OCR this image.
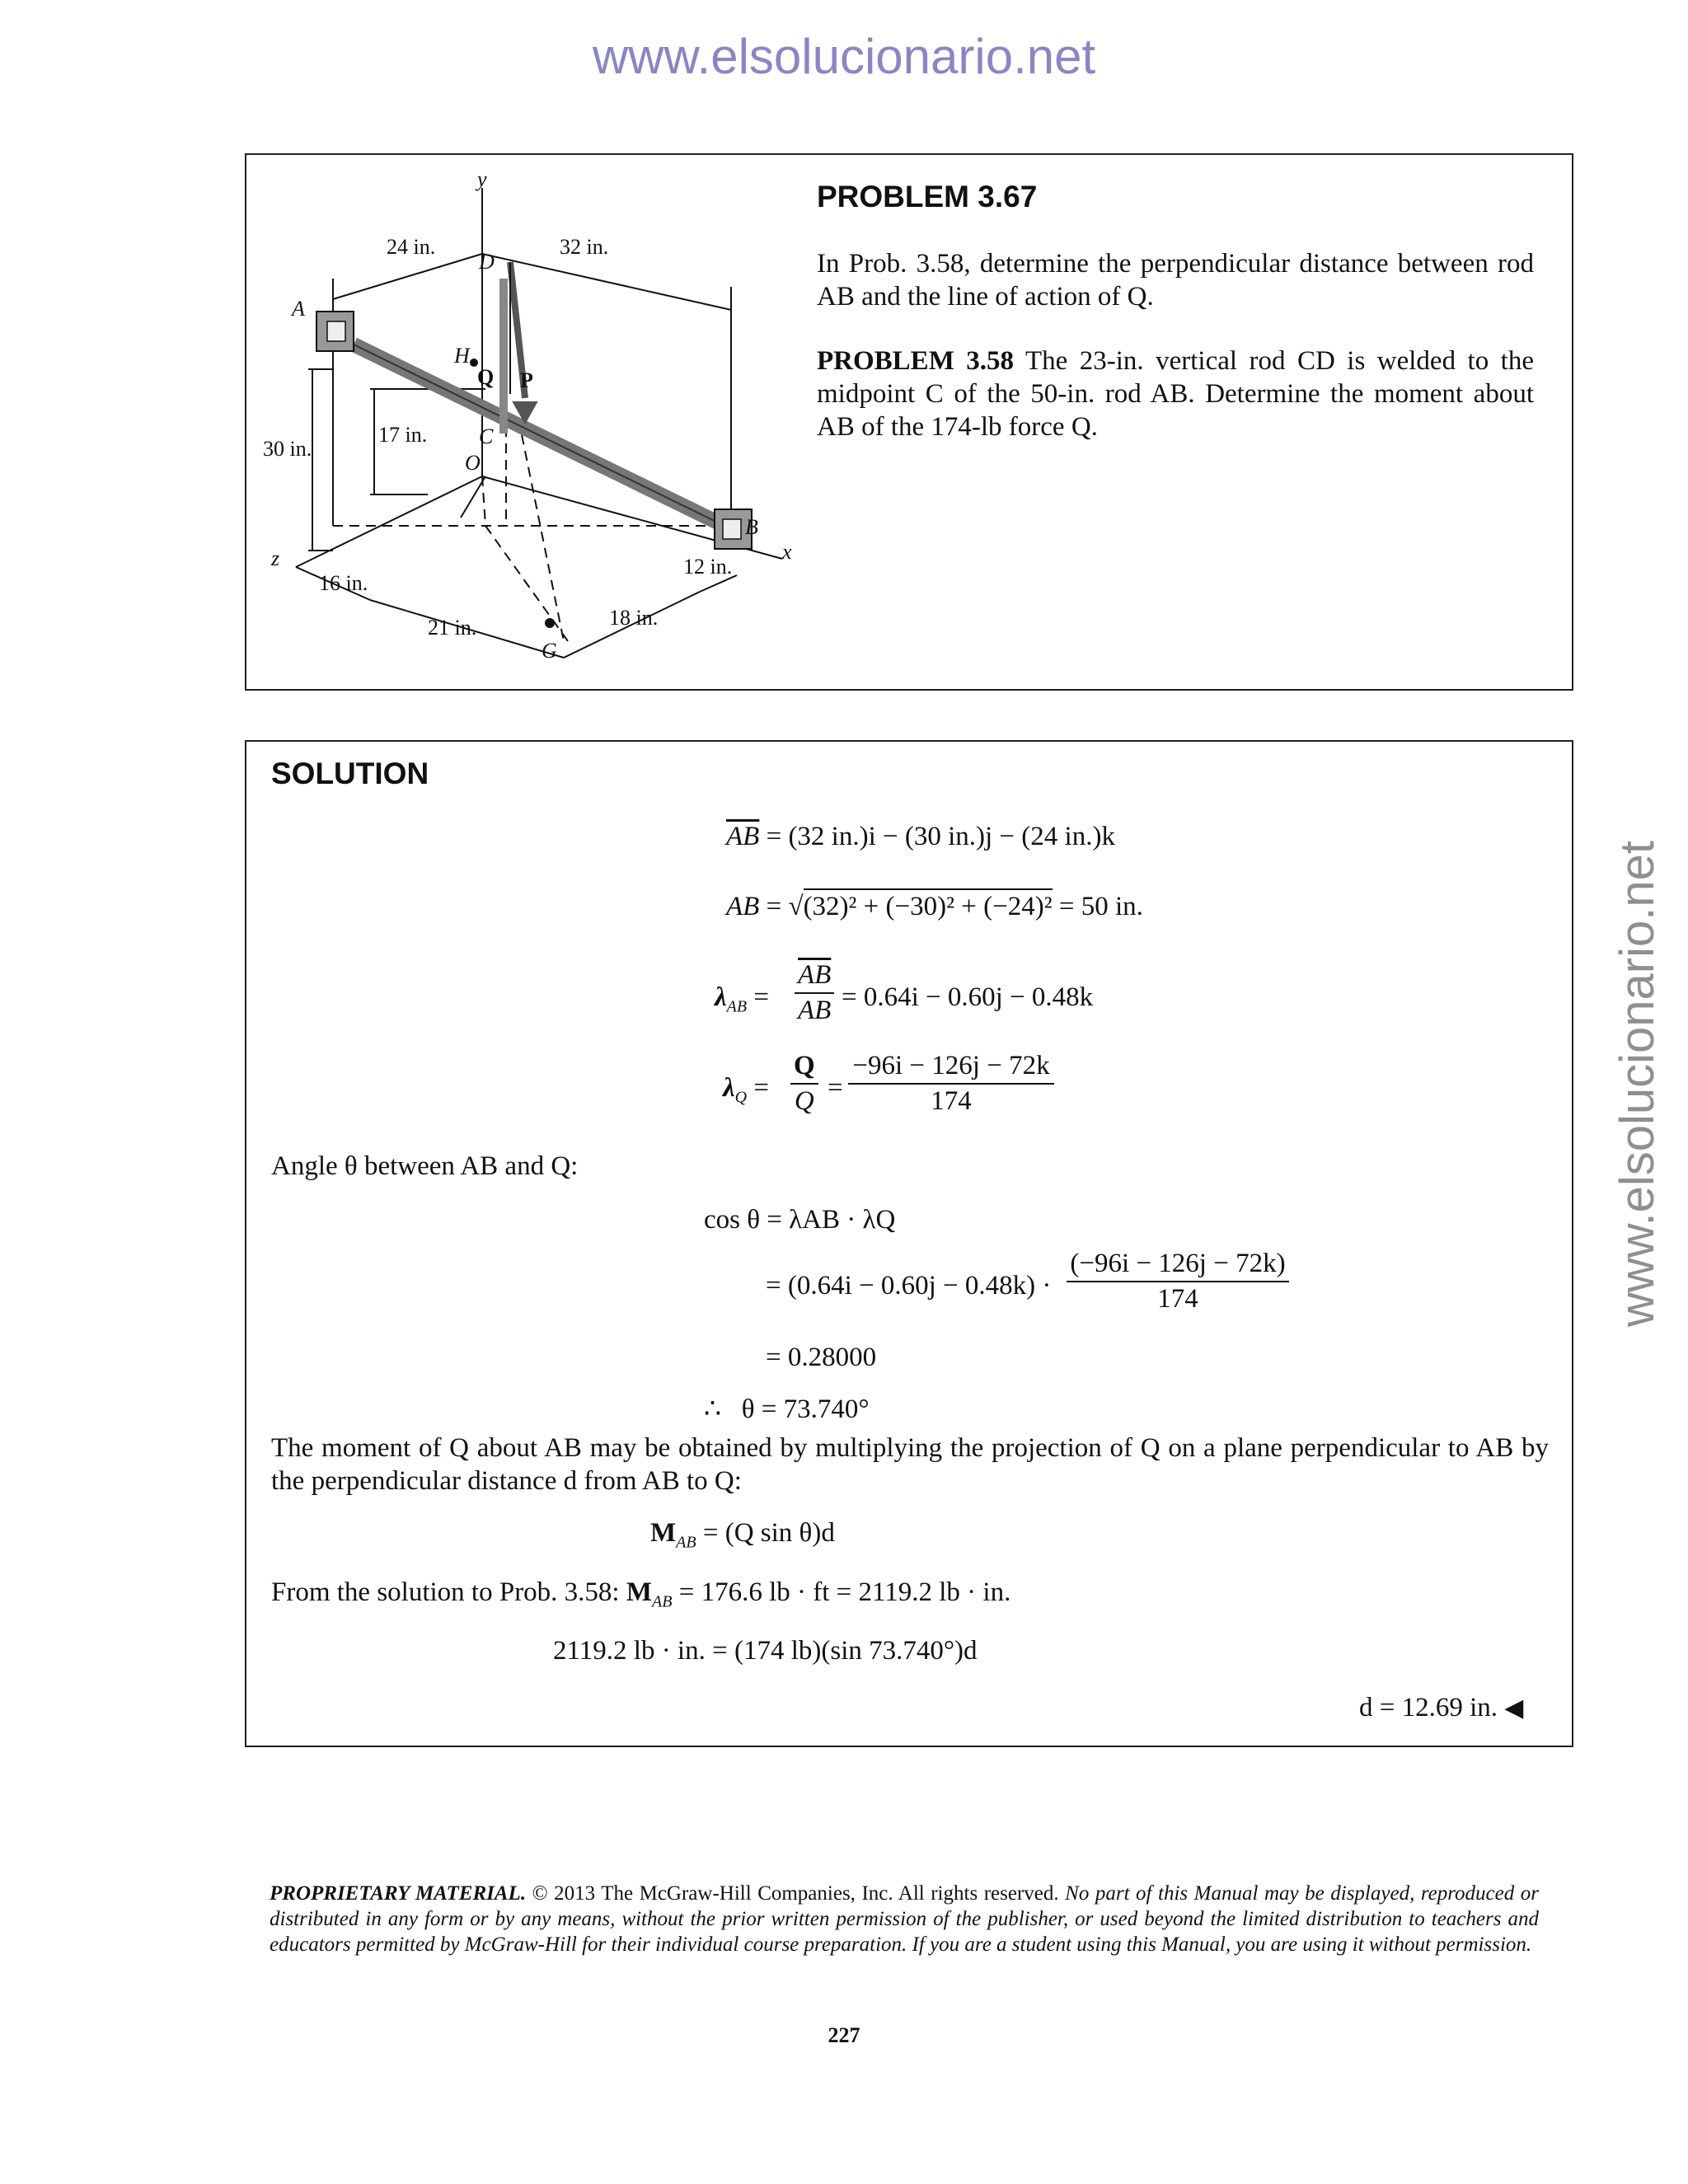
www.elsolucionario.net
www.elsolucionario.net
y
x
z
A
B
C
D
H
O
G
Q P
24 in.	32 in.
30 in.
17 in.
16 in.
21 in.	18 in.
12 in.
PROBLEM 3.67
In Prob. 3.58, determine the perpendicular distance between rod AB and the line of action of Q.
PROBLEM 3.58 The 23-in. vertical rod CD is welded to the midpoint C of the 50-in. rod AB. Determine the moment about AB of the 174-lb force Q.
SOLUTION
$\overline{AB} = (32$ in.)i − (30 in.)j − (24 in.)k
AB = √(32)² + (−30)² + (−24)² = 50 in.
$\lambda_{AB} = \frac{\overline{AB}}{AB} = 0.64i - 0.60j - 0.48k$
$\lambda_Q = \frac{Q}{Q} = \frac{-96i - 126j - 72k}{174}$
Angle θ between AB and Q:
cos θ = λAB · λQ
= $(0.64i - 0.60j - 0.48k) \cdot \frac{(-96i - 126j - 72k)}{174}$
= 0.28000
∴ θ = 73.740°
The moment of Q about AB may be obtained by multiplying the projection of Q on a plane perpendicular to AB by the perpendicular distance d from AB to Q:
$M_{AB} = (Q$ sin θ)d
From the solution to Prob. 3.58: $M_{AB} = 176.6$ lb · ft = 2119.2 lb · in.
2119.2 lb · in. = (174 lb)(sin 73.740°)d
d = 12.69 in. ◀
PROPRIETARY MATERIAL. © 2013 The McGraw-Hill Companies, Inc. All rights reserved. No part of this Manual may be displayed, reproduced or distributed in any form or by any means, without the prior written permission of the publisher, or used beyond the limited distribution to teachers and educators permitted by McGraw-Hill for their individual course preparation. If you are a student using this Manual, you are using it without permission.
227
